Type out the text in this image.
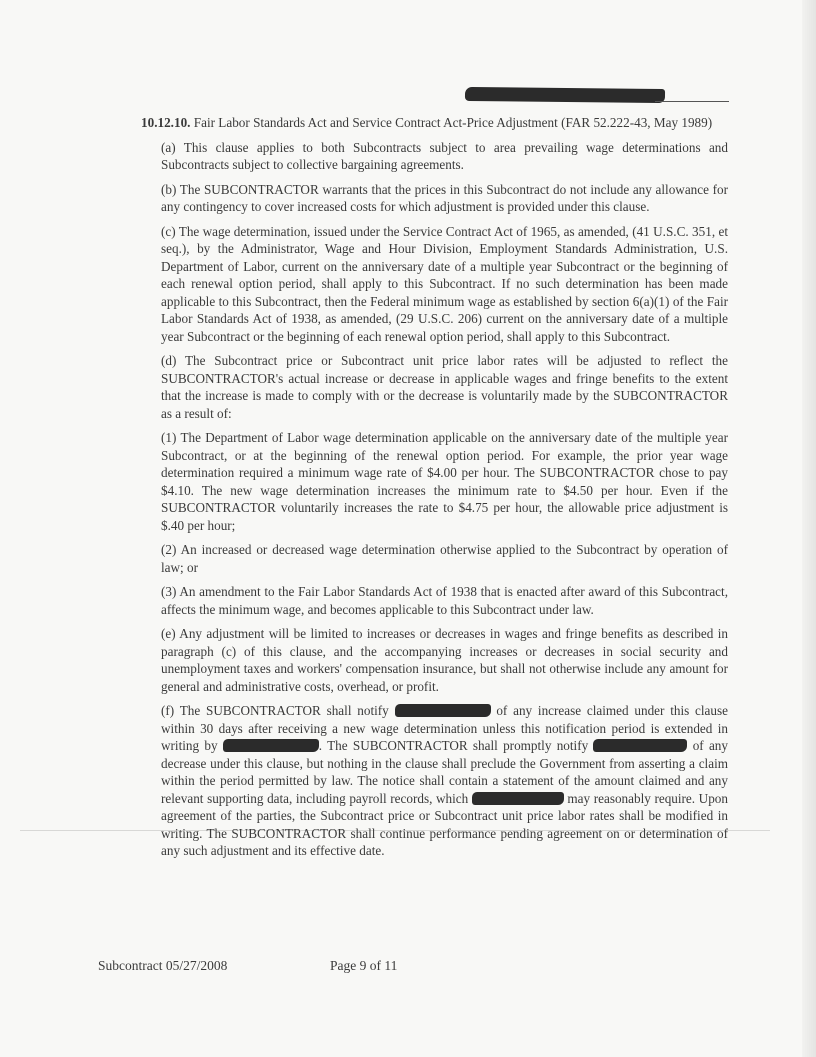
10.12.10. Fair Labor Standards Act and Service Contract Act-Price Adjustment (FAR 52.222-43, May 1989)

(a) This clause applies to both Subcontracts subject to area prevailing wage determinations and Subcontracts subject to collective bargaining agreements.

(b) The SUBCONTRACTOR warrants that the prices in this Subcontract do not include any allowance for any contingency to cover increased costs for which adjustment is provided under this clause.

(c) The wage determination, issued under the Service Contract Act of 1965, as amended, (41 U.S.C. 351, et seq.), by the Administrator, Wage and Hour Division, Employment Standards Administration, U.S. Department of Labor, current on the anniversary date of a multiple year Subcontract or the beginning of each renewal option period, shall apply to this Subcontract. If no such determination has been made applicable to this Subcontract, then the Federal minimum wage as established by section 6(a)(1) of the Fair Labor Standards Act of 1938, as amended, (29 U.S.C. 206) current on the anniversary date of a multiple year Subcontract or the beginning of each renewal option period, shall apply to this Subcontract.

(d) The Subcontract price or Subcontract unit price labor rates will be adjusted to reflect the SUBCONTRACTOR's actual increase or decrease in applicable wages and fringe benefits to the extent that the increase is made to comply with or the decrease is voluntarily made by the SUBCONTRACTOR as a result of:

(1) The Department of Labor wage determination applicable on the anniversary date of the multiple year Subcontract, or at the beginning of the renewal option period. For example, the prior year wage determination required a minimum wage rate of $4.00 per hour. The SUBCONTRACTOR chose to pay $4.10. The new wage determination increases the minimum rate to $4.50 per hour. Even if the SUBCONTRACTOR voluntarily increases the rate to $4.75 per hour, the allowable price adjustment is $.40 per hour;

(2) An increased or decreased wage determination otherwise applied to the Subcontract by operation of law; or

(3) An amendment to the Fair Labor Standards Act of 1938 that is enacted after award of this Subcontract, affects the minimum wage, and becomes applicable to this Subcontract under law.

(e) Any adjustment will be limited to increases or decreases in wages and fringe benefits as described in paragraph (c) of this clause, and the accompanying increases or decreases in social security and unemployment taxes and workers' compensation insurance, but shall not otherwise include any amount for general and administrative costs, overhead, or profit.

(f) The SUBCONTRACTOR shall notify	of any increase claimed under this clause within 30 days after receiving a new wage determination unless this notification period is extended in writing by	. The SUBCONTRACTOR shall promptly notify	of any decrease under this clause, but nothing in the clause shall preclude the Government from asserting a claim within the period permitted by law. The notice shall contain a statement of the amount claimed and any relevant supporting data, including payroll records, which	may reasonably require. Upon agreement of the parties, the Subcontract price or Subcontract unit price labor rates shall be modified in writing. The SUBCONTRACTOR shall continue performance pending agreement on or determination of any such adjustment and its effective date.

Subcontract 05/27/2008	Page 9 of 11
